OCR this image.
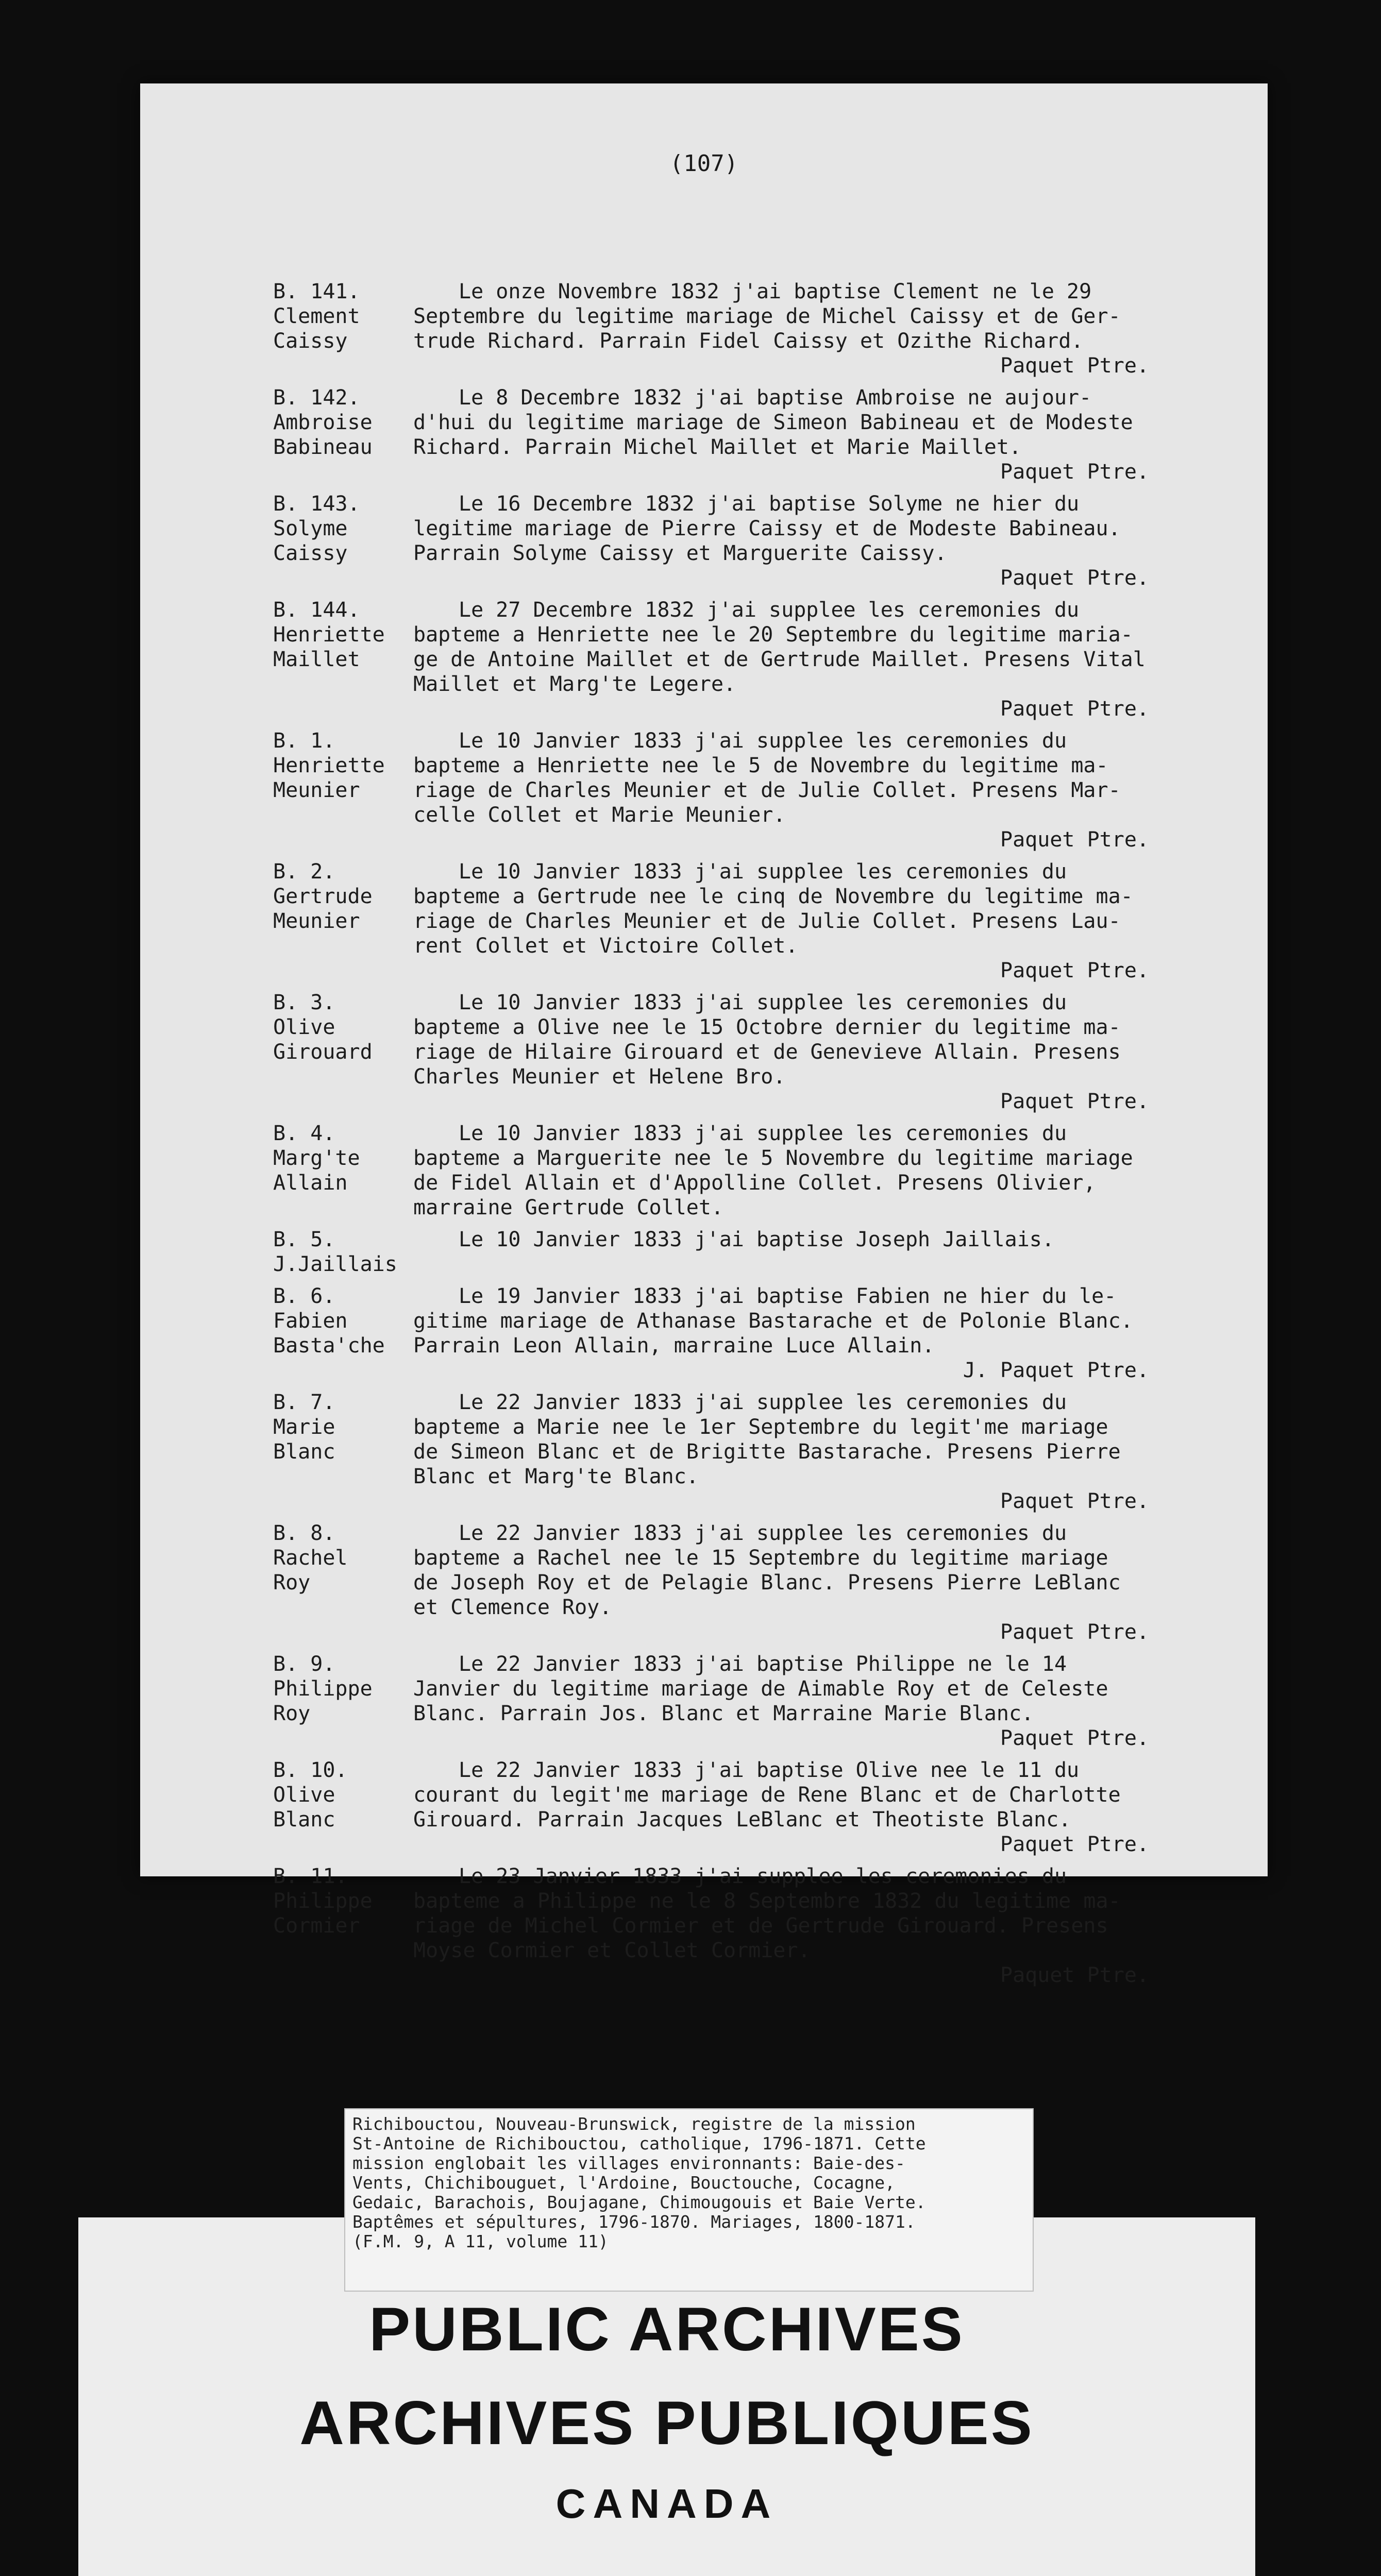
(107)
B. 141.
Clement
Caissy
Le onze Novembre 1832 j'ai baptise Clement ne le 29
Septembre du legitime mariage de Michel Caissy et de Ger-
trude Richard. Parrain Fidel Caissy et Ozithe Richard.
Paquet Ptre.
B. 142.
Ambroise
Babineau
Le 8 Decembre 1832 j'ai baptise Ambroise ne aujour-
d'hui du legitime mariage de Simeon Babineau et de Modeste
Richard. Parrain Michel Maillet et Marie Maillet.
Paquet Ptre.
B. 143.
Solyme
Caissy
Le 16 Decembre 1832 j'ai baptise Solyme ne hier du
legitime mariage de Pierre Caissy et de Modeste Babineau.
Parrain Solyme Caissy et Marguerite Caissy.
Paquet Ptre.
B. 144.
Henriette
Maillet
Le 27 Decembre 1832 j'ai supplee les ceremonies du
bapteme a Henriette nee le 20 Septembre du legitime maria-
ge de Antoine Maillet et de Gertrude Maillet. Presens Vital
Maillet et Marg'te Legere.
Paquet Ptre.
B. 1.
Henriette
Meunier
Le 10 Janvier 1833 j'ai supplee les ceremonies du
bapteme a Henriette nee le 5 de Novembre du legitime ma-
riage de Charles Meunier et de Julie Collet. Presens Mar-
celle Collet et Marie Meunier.
Paquet Ptre.
B. 2.
Gertrude
Meunier
Le 10 Janvier 1833 j'ai supplee les ceremonies du
bapteme a Gertrude nee le cinq de Novembre du legitime ma-
riage de Charles Meunier et de Julie Collet. Presens Lau-
rent Collet et Victoire Collet.
Paquet Ptre.
B. 3.
Olive
Girouard
Le 10 Janvier 1833 j'ai supplee les ceremonies du
bapteme a Olive nee le 15 Octobre dernier du legitime ma-
riage de Hilaire Girouard et de Genevieve Allain. Presens
Charles Meunier et Helene Bro.
Paquet Ptre.
B. 4.
Marg'te
Allain
Le 10 Janvier 1833 j'ai supplee les ceremonies du
bapteme a Marguerite nee le 5 Novembre du legitime mariage
de Fidel Allain et d'Appolline Collet. Presens Olivier,
marraine Gertrude Collet.
B. 5.
J.Jaillais
Le 10 Janvier 1833 j'ai baptise Joseph Jaillais.
B. 6.
Fabien
Basta'che
Le 19 Janvier 1833 j'ai baptise Fabien ne hier du le-
gitime mariage de Athanase Bastarache et de Polonie Blanc.
Parrain Leon Allain, marraine Luce Allain.
J. Paquet Ptre.
B. 7.
Marie
Blanc
Le 22 Janvier 1833 j'ai supplee les ceremonies du
bapteme a Marie nee le 1er Septembre du legit'me mariage
de Simeon Blanc et de Brigitte Bastarache. Presens Pierre
Blanc et Marg'te Blanc.
Paquet Ptre.
B. 8.
Rachel
Roy
Le 22 Janvier 1833 j'ai supplee les ceremonies du
bapteme a Rachel nee le 15 Septembre du legitime mariage
de Joseph Roy et de Pelagie Blanc. Presens Pierre LeBlanc
et Clemence Roy.
Paquet Ptre.
B. 9.
Philippe
Roy
Le 22 Janvier 1833 j'ai baptise Philippe ne le 14
Janvier du legitime mariage de Aimable Roy et de Celeste
Blanc. Parrain Jos. Blanc et Marraine Marie Blanc.
Paquet Ptre.
B. 10.
Olive
Blanc
Le 22 Janvier 1833 j'ai baptise Olive nee le 11 du
courant du legit'me mariage de Rene Blanc et de Charlotte
Girouard. Parrain Jacques LeBlanc et Theotiste Blanc.
Paquet Ptre.
B. 11.
Philippe
Cormier
Le 23 Janvier 1833 j'ai supplee les ceremonies du
bapteme a Philippe ne le 8 Septembre 1832 du legitime ma-
riage de Michel Cormier et de Gertrude Girouard. Presens
Moyse Cormier et Collet Cormier.
Paquet Ptre.
PUBLIC ARCHIVES
ARCHIVES PUBLIQUES
CANADA
Richibouctou, Nouveau-Brunswick, registre de la mission
St-Antoine de Richibouctou, catholique, 1796-1871. Cette
mission englobait les villages environnants: Baie-des-
Vents, Chichibouguet, l'Ardoine, Bouctouche, Cocagne,
Gedaic, Barachois, Boujagane, Chimougouis et Baie Verte.
Baptêmes et sépultures, 1796-1870. Mariages, 1800-1871.
(F.M. 9, A 11, volume 11)
